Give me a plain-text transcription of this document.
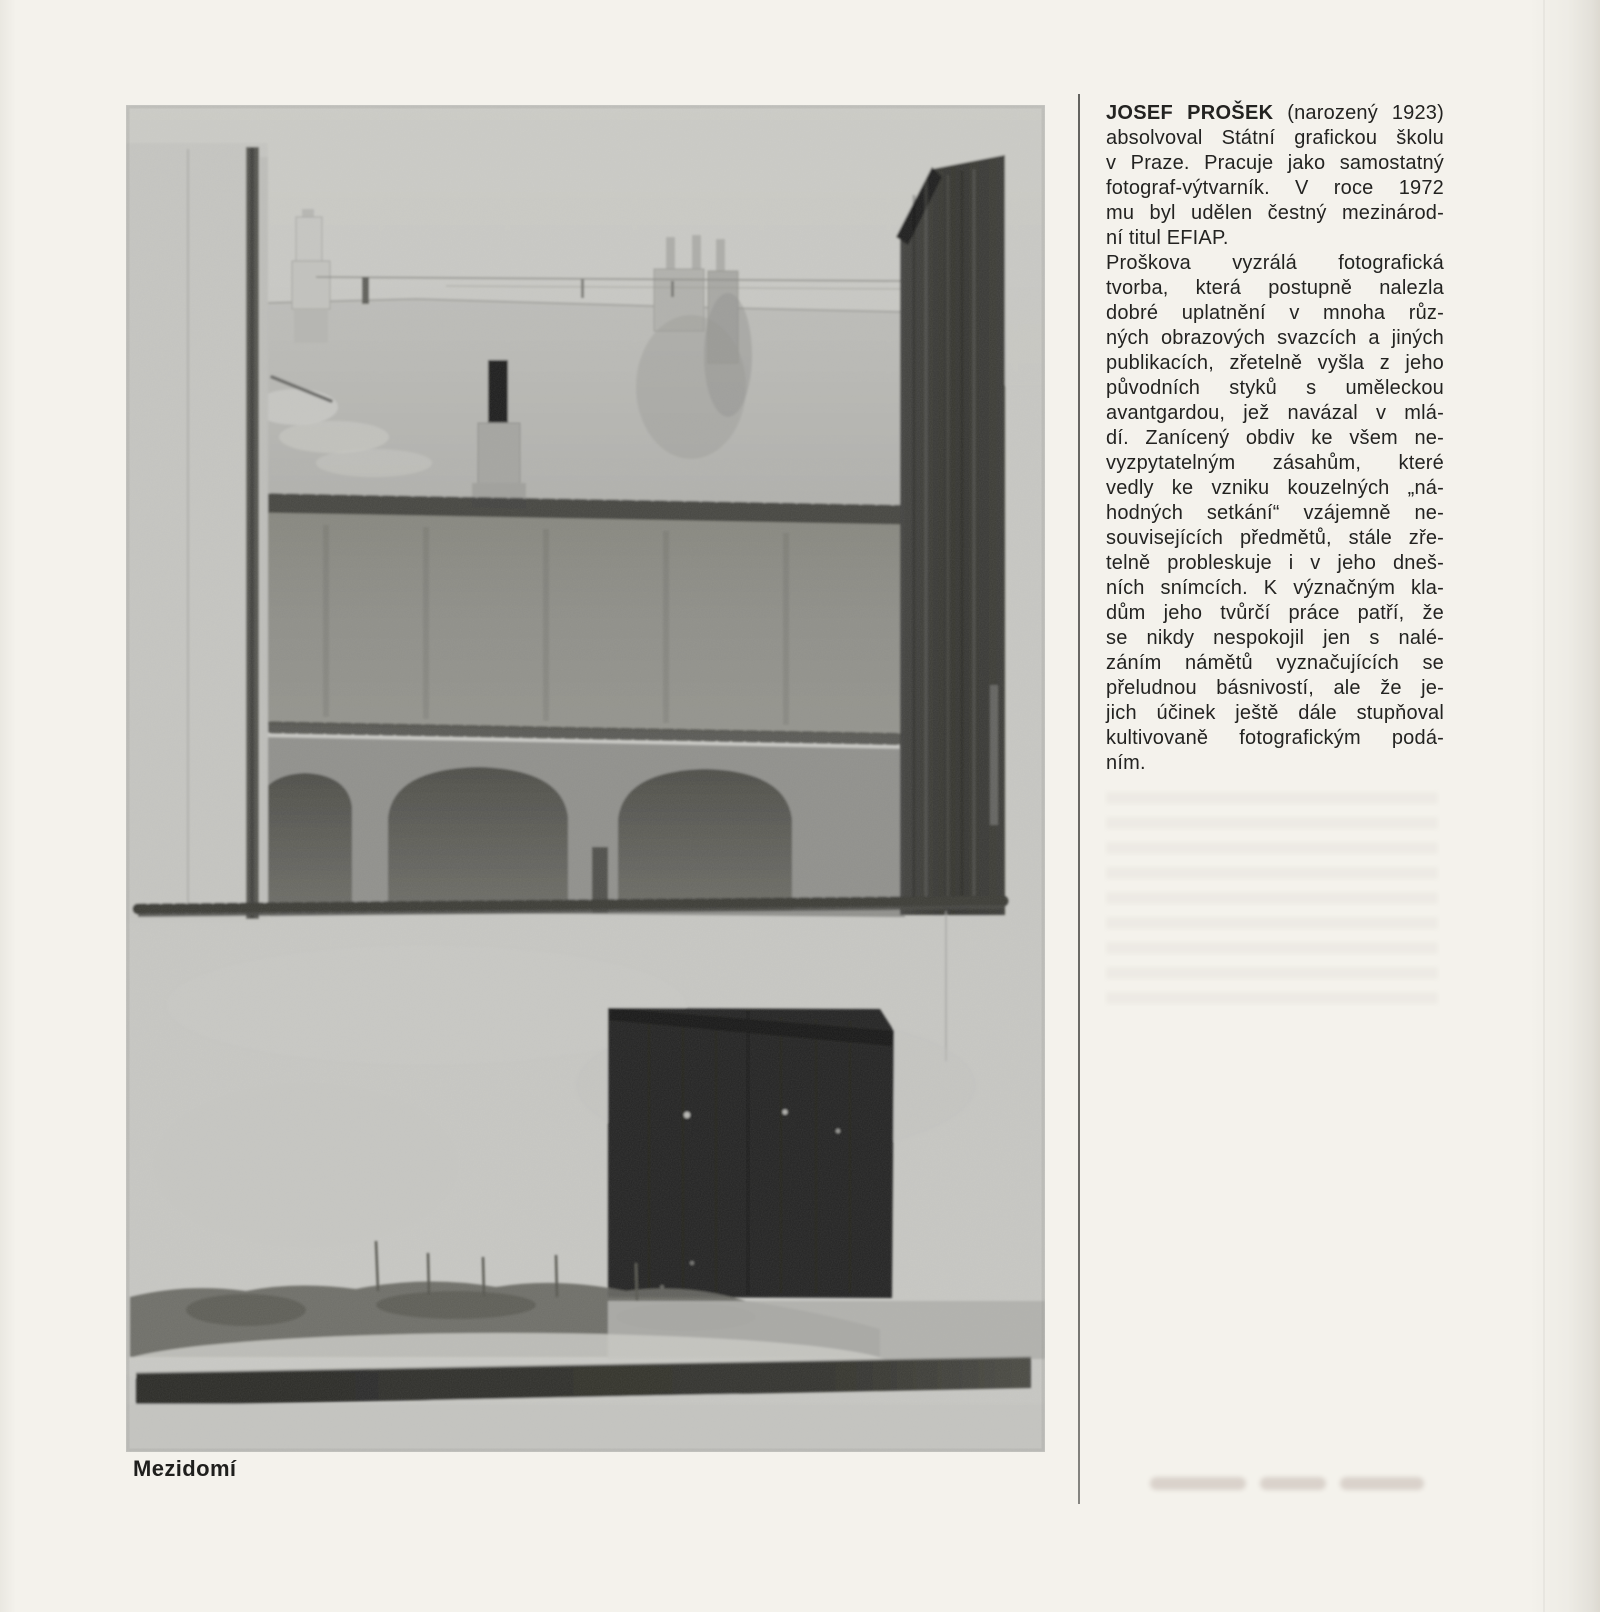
Mezidomí
JOSEF PROŠEK (narozený 1923)
absolvoval Státní grafickou školu
v Praze. Pracuje jako samostatný
fotograf-výtvarník. V roce 1972
mu byl udělen čestný mezinárod-
ní titul EFIAP.
Proškova vyzrálá fotografická
tvorba, která postupně nalezla
dobré uplatnění v mnoha růz-
ných obrazových svazcích a jiných
publikacích, zřetelně vyšla z jeho
původních styků s uměleckou
avantgardou, jež navázal v mlá-
dí. Zanícený obdiv ke všem ne-
vyzpytatelným zásahům, které
vedly ke vzniku kouzelných „ná-
hodných setkání“ vzájemně ne-
souvisejících předmětů, stále zře-
telně probleskuje i v jeho dneš-
ních snímcích. K význačným kla-
dům jeho tvůrčí práce patří, že
se nikdy nespokojil jen s nalé-
záním námětů vyznačujících se
přeludnou básnivostí, ale že je-
jich účinek ještě dále stupňoval
kultivovaně fotografickým podá-
ním.
